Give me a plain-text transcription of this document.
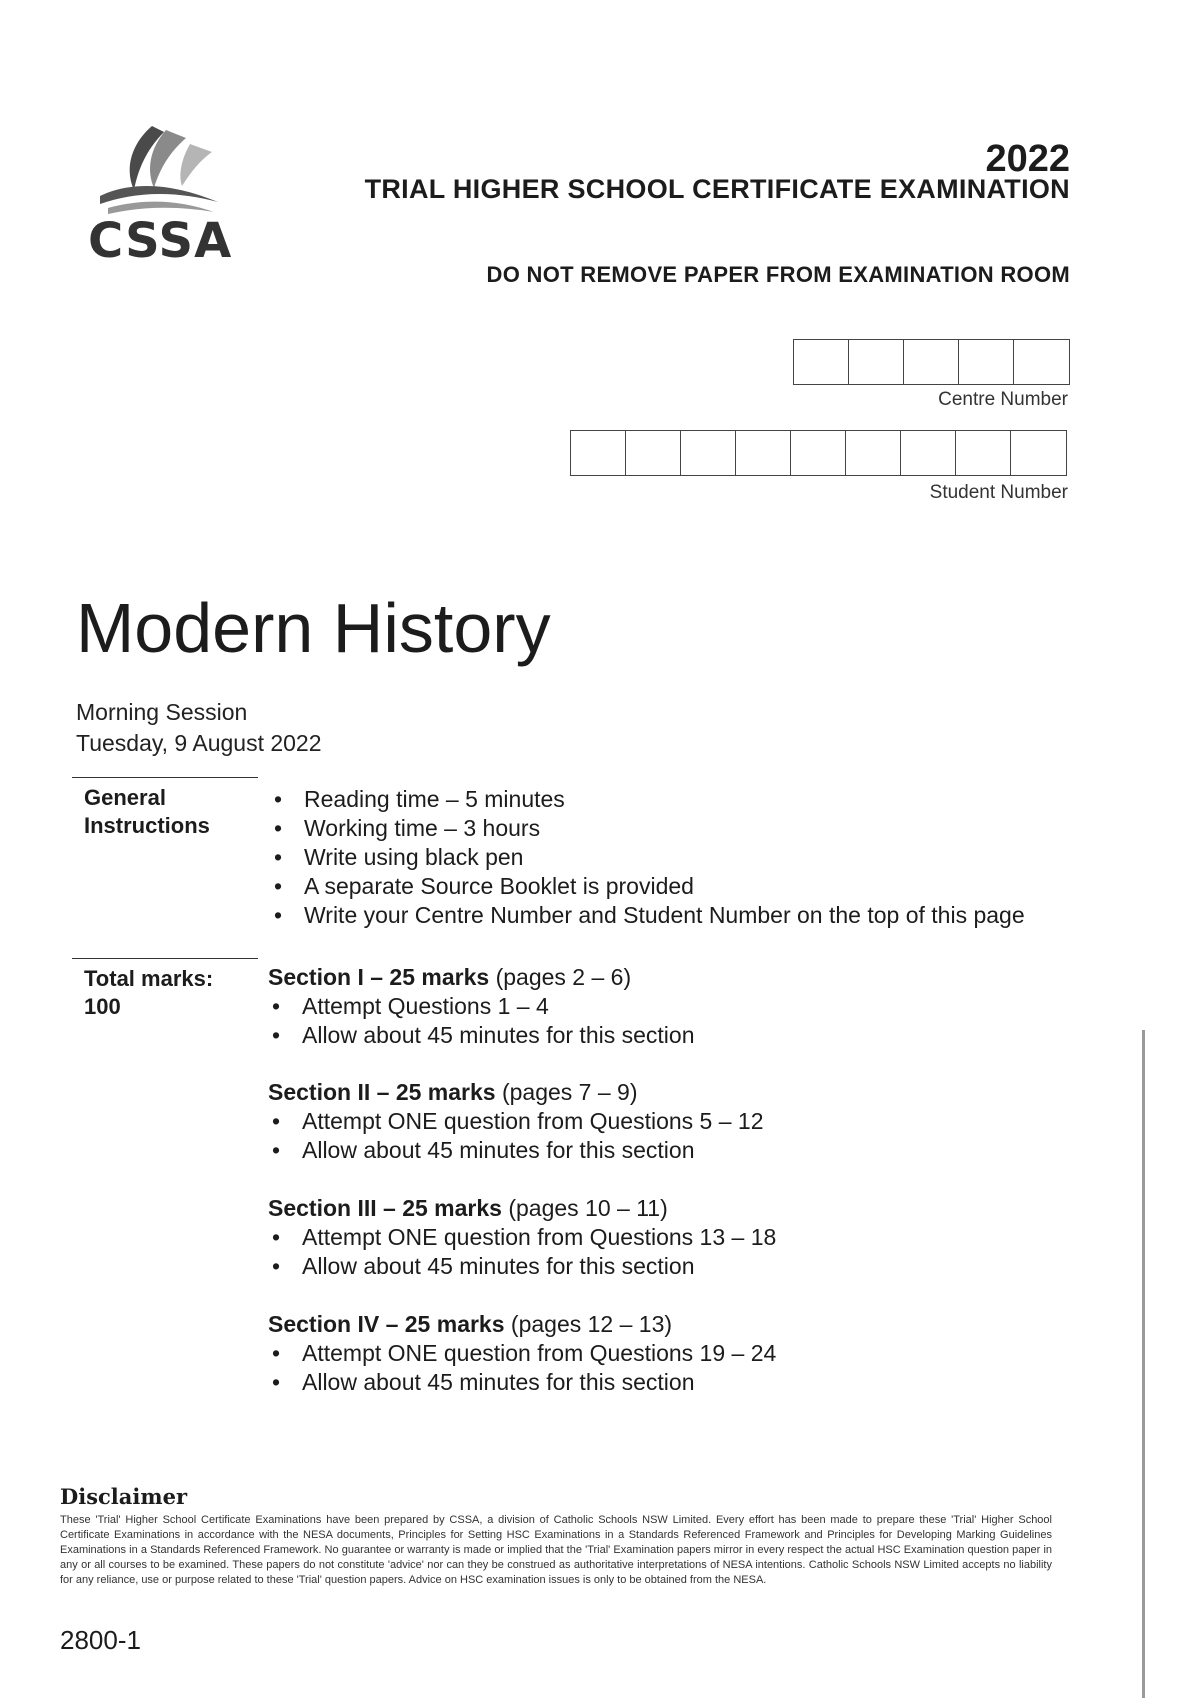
CSSA
2022
TRIAL HIGHER SCHOOL CERTIFICATE EXAMINATION
DO NOT REMOVE PAPER FROM EXAMINATION ROOM
Centre Number
Student Number
Modern History
Morning Session
Tuesday, 9 August 2022
General
Instructions
• Reading time – 5 minutes
• Working time – 3 hours
• Write using black pen
• A separate Source Booklet is provided
• Write your Centre Number and Student Number on the top of this page
Total marks:
100
Section I – 25 marks (pages 2 – 6)
• Attempt Questions 1 – 4
• Allow about 45 minutes for this section
Section II – 25 marks (pages 7 – 9)
• Attempt ONE question from Questions 5 – 12
• Allow about 45 minutes for this section
Section III – 25 marks (pages 10 – 11)
• Attempt ONE question from Questions 13 – 18
• Allow about 45 minutes for this section
Section IV – 25 marks (pages 12 – 13)
• Attempt ONE question from Questions 19 – 24
• Allow about 45 minutes for this section
Disclaimer
These 'Trial' Higher School Certificate Examinations have been prepared by CSSA, a division of Catholic Schools NSW Limited. Every effort has been made to prepare these 'Trial' Higher School Certificate Examinations in accordance with the NESA documents, Principles for Setting HSC Examinations in a Standards Referenced Framework and Principles for Developing Marking Guidelines Examinations in a Standards Referenced Framework. No guarantee or warranty is made or implied that the 'Trial' Examination papers mirror in every respect the actual HSC Examination question paper in any or all courses to be examined. These papers do not constitute 'advice' nor can they be construed as authoritative interpretations of NESA intentions. Catholic Schools NSW Limited accepts no liability for any reliance, use or purpose related to these 'Trial' question papers. Advice on HSC examination issues is only to be obtained from the NESA.
2800-1
